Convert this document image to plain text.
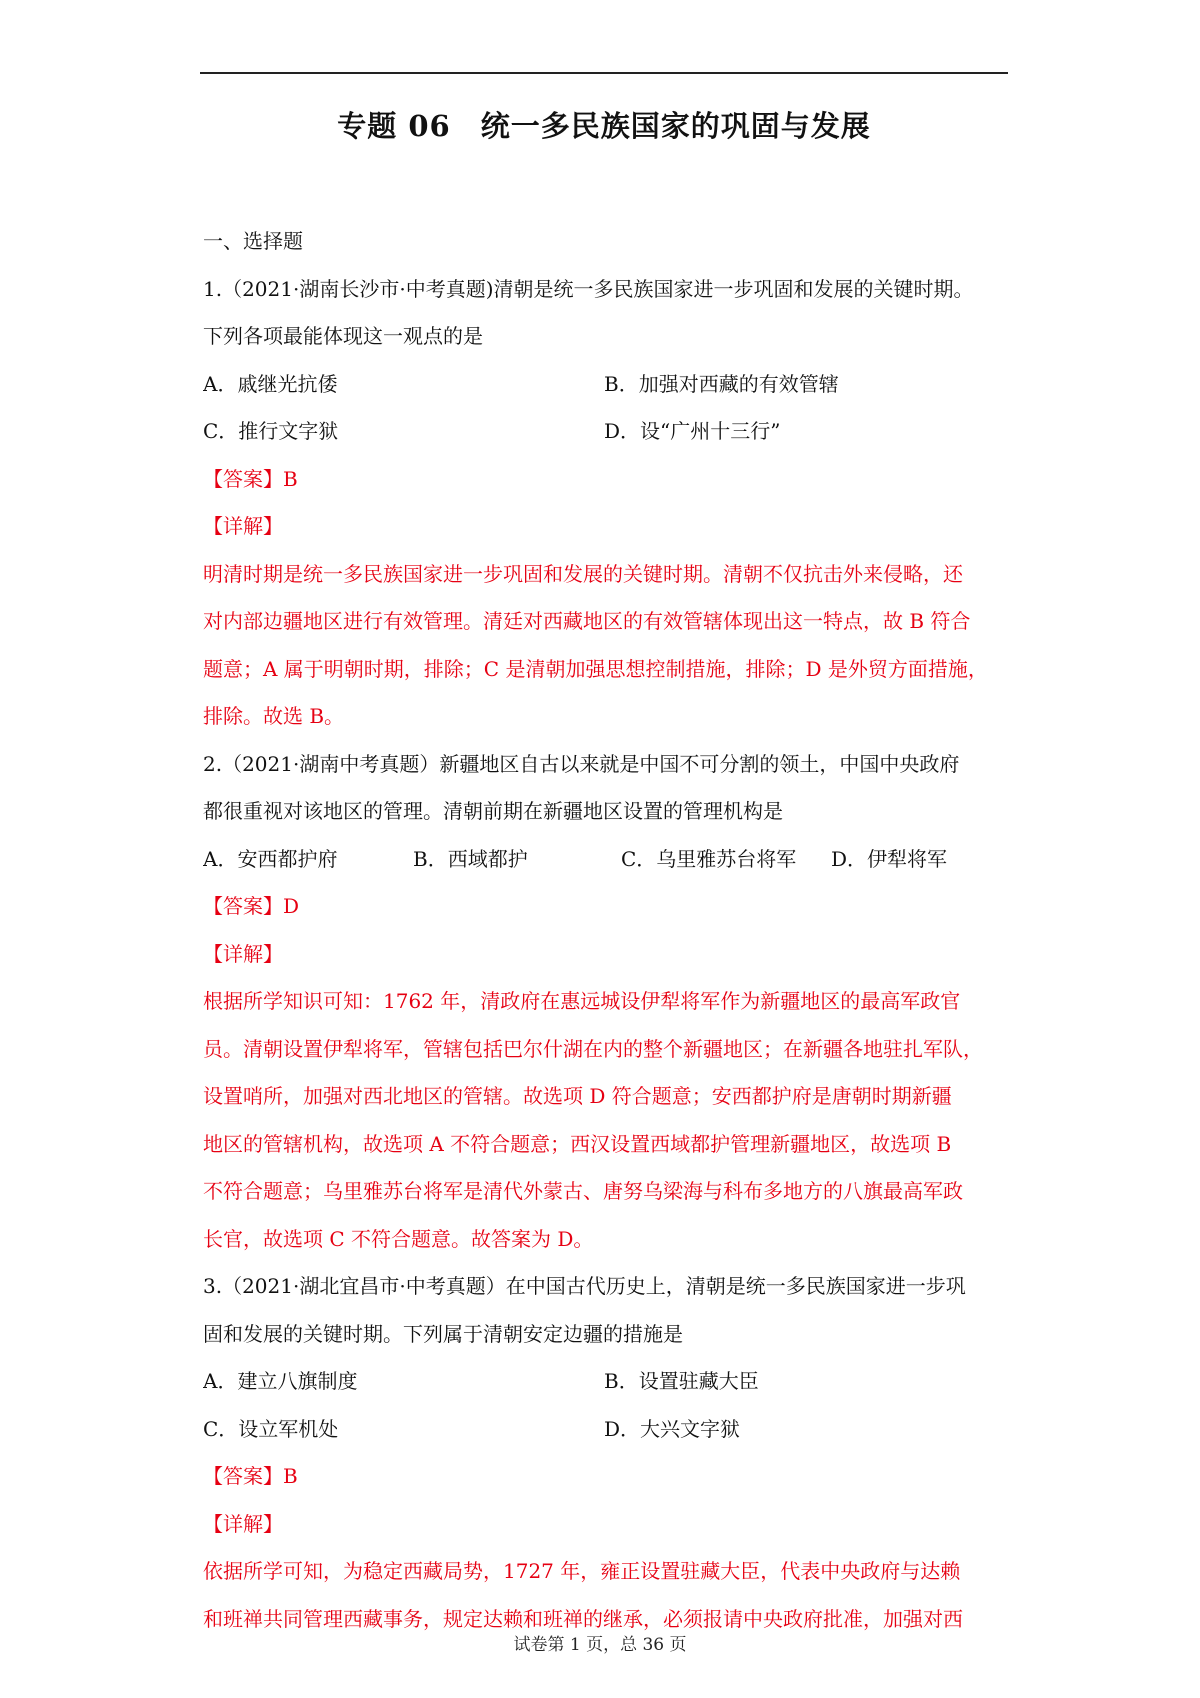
专题 06　统一多民族国家的巩固与发展
一、选择题
1.（2021·湖南长沙市·中考真题)清朝是统一多民族国家进一步巩固和发展的关键时期。
下列各项最能体现这一观点的是
A．戚继光抗倭	B．加强对西藏的有效管辖
C．推行文字狱	D．设“广州十三行”
【答案】B
【详解】
明清时期是统一多民族国家进一步巩固和发展的关键时期。清朝不仅抗击外来侵略，还
对内部边疆地区进行有效管理。清廷对西藏地区的有效管辖体现出这一特点，故 B 符合
题意；A 属于明朝时期，排除；C 是清朝加强思想控制措施，排除；D 是外贸方面措施，
排除。故选 B。
2.（2021·湖南中考真题）新疆地区自古以来就是中国不可分割的领土，中国中央政府
都很重视对该地区的管理。清朝前期在新疆地区设置的管理机构是
A．安西都护府	B．西域都护	C．乌里雅苏台将军 D．伊犁将军
【答案】D
【详解】
根据所学知识可知：1762 年，清政府在惠远城设伊犁将军作为新疆地区的最高军政官
员。清朝设置伊犁将军，管辖包括巴尔什湖在内的整个新疆地区；在新疆各地驻扎军队，
设置哨所，加强对西北地区的管辖。故选项 D 符合题意；安西都护府是唐朝时期新疆
地区的管辖机构，故选项 A 不符合题意；西汉设置西域都护管理新疆地区，故选项 B
不符合题意；乌里雅苏台将军是清代外蒙古、唐努乌梁海与科布多地方的八旗最高军政
长官，故选项 C 不符合题意。故答案为 D。
3.（2021·湖北宜昌市·中考真题）在中国古代历史上，清朝是统一多民族国家进一步巩
固和发展的关键时期。下列属于清朝安定边疆的措施是
A．建立八旗制度	B．设置驻藏大臣
C．设立军机处	D．大兴文字狱
【答案】B
【详解】
依据所学可知，为稳定西藏局势，1727 年，雍正设置驻藏大臣，代表中央政府与达赖
和班禅共同管理西藏事务，规定达赖和班禅的继承，必须报请中央政府批准，加强对西
试卷第 1 页，总 36 页
